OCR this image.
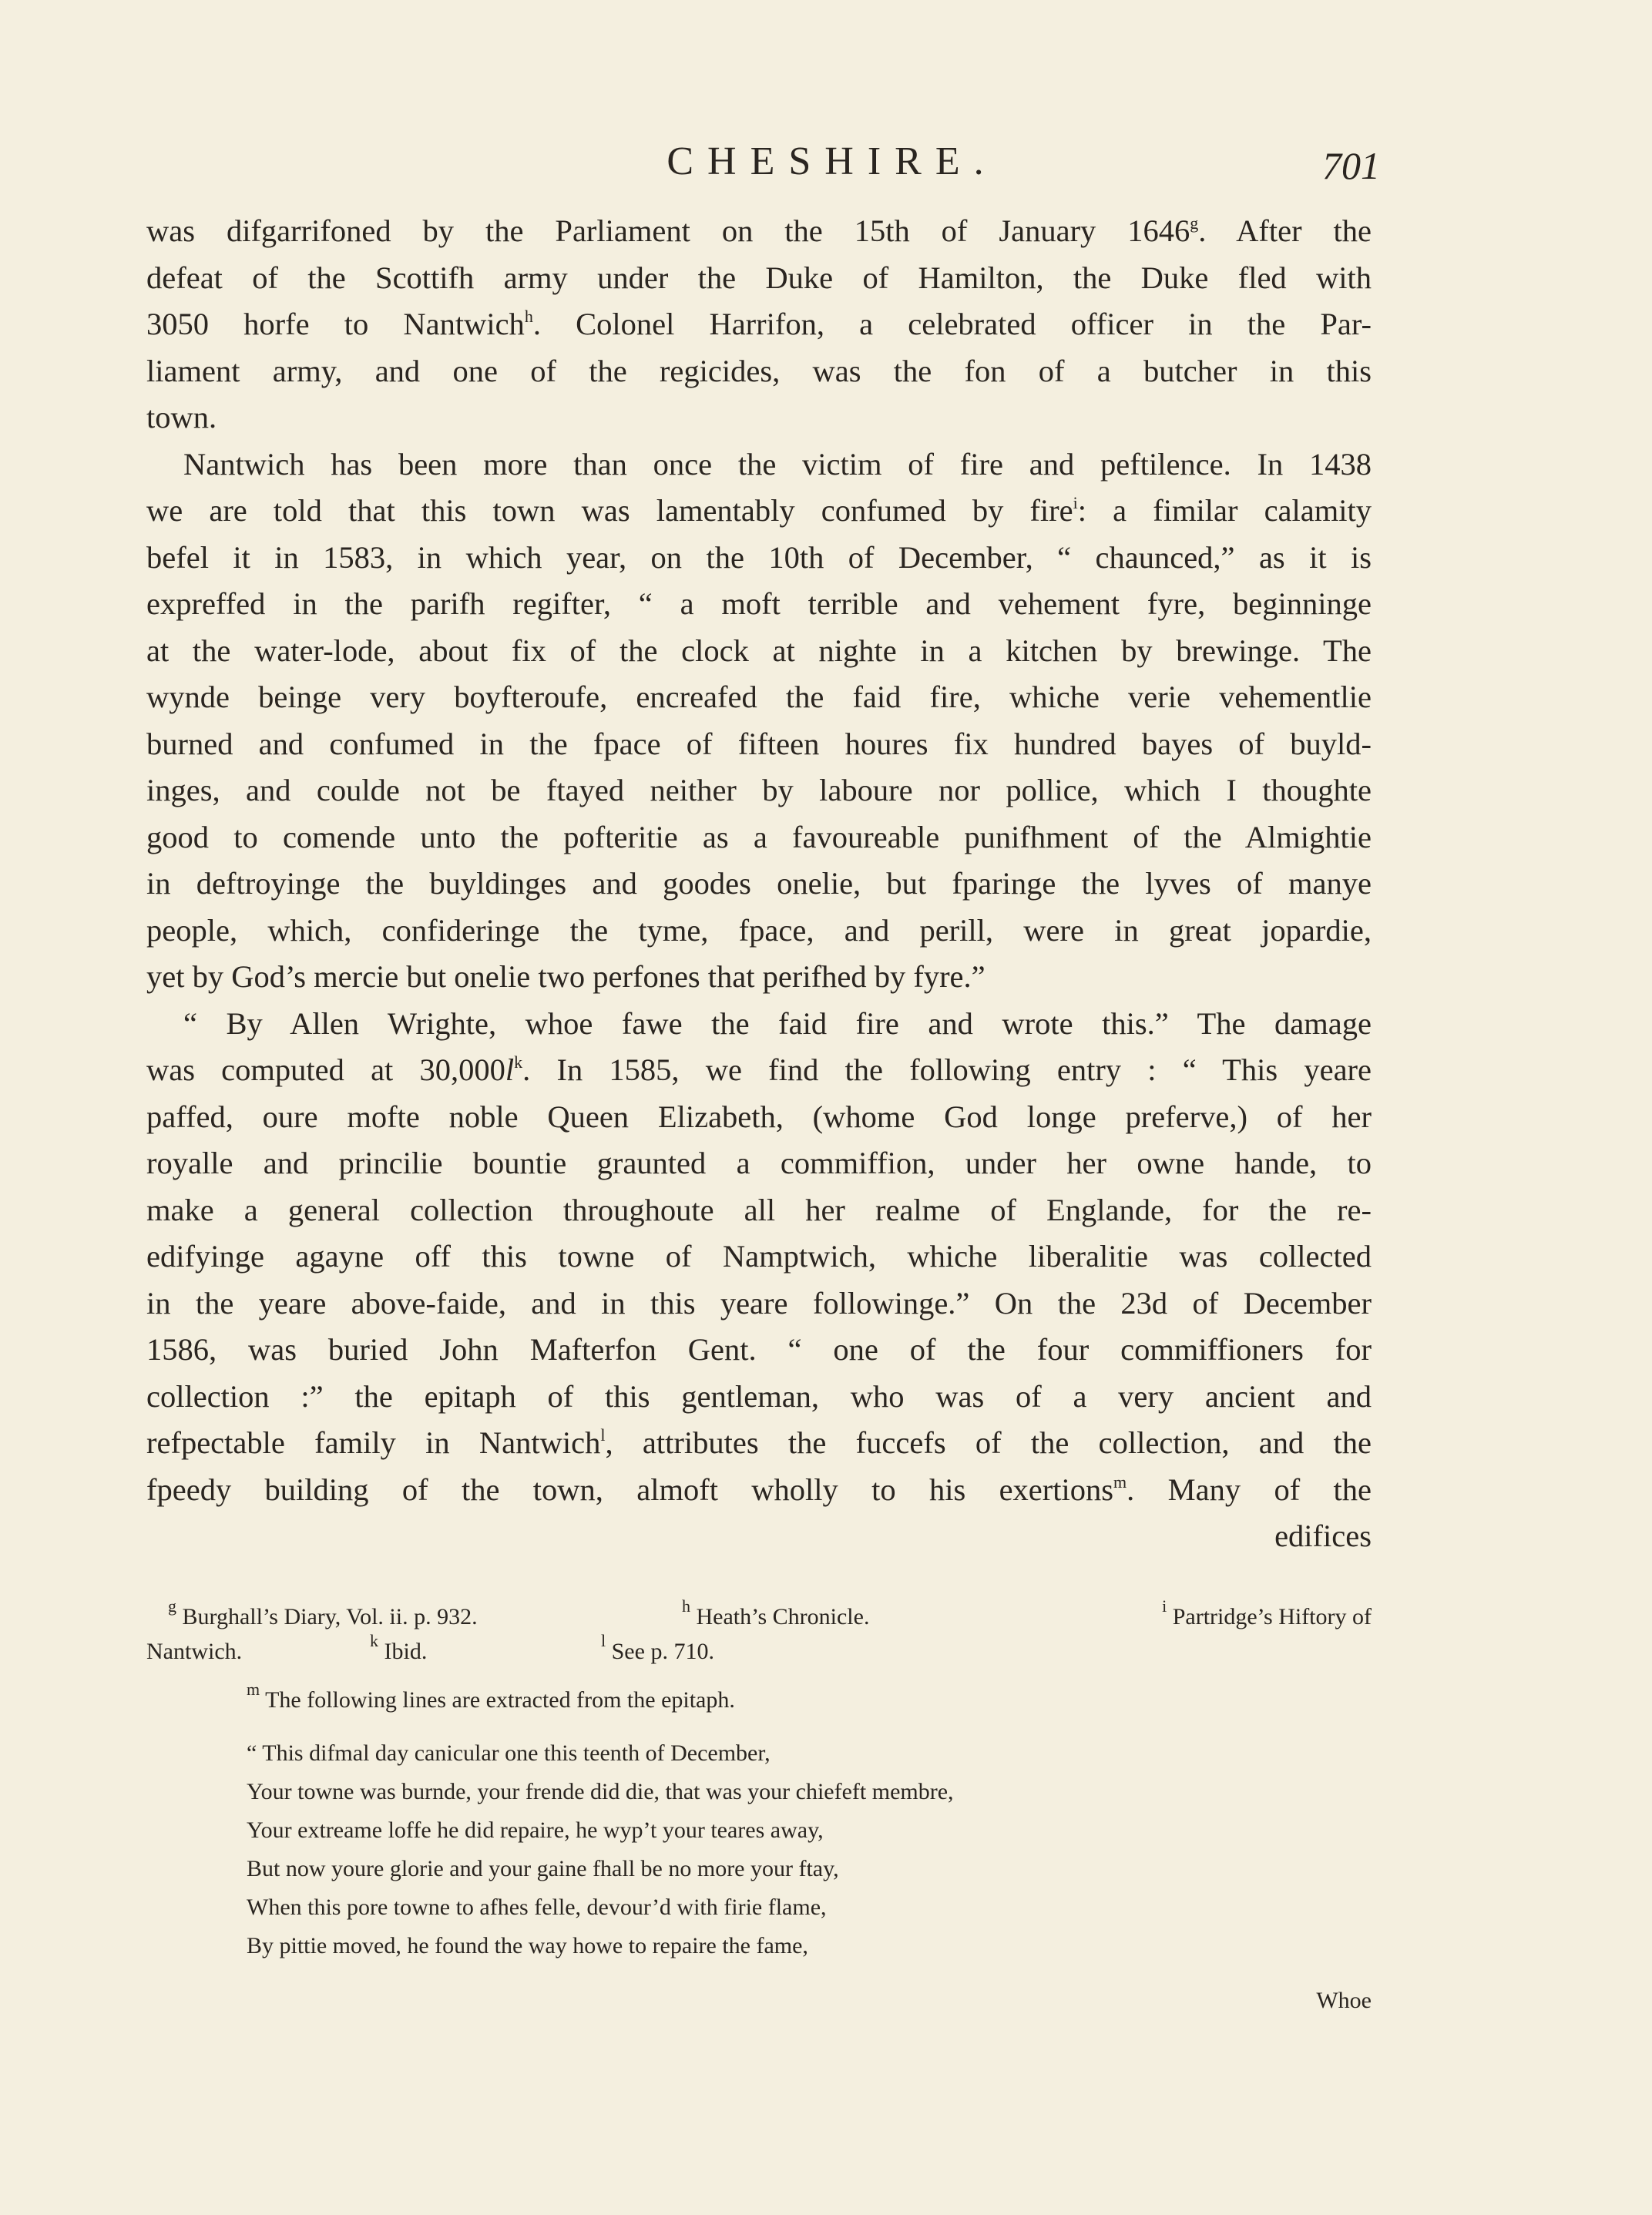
CHESHIRE.	701
was difgarrifoned by the Parliament on the 15th of January 1646$^g$. After the
defeat of the Scottifh army under the Duke of Hamilton, the Duke fled with
3050 horfe to Nantwich$^h$. Colonel Harrifon, a celebrated officer in the Par-
liament army, and one of the regicides, was the fon of a butcher in this
town.
Nantwich has been more than once the victim of fire and peftilence. In 1438
we are told that this town was lamentably confumed by fire$^i$: a fimilar calamity
befel it in 1583, in which year, on the 10th of December, “ chaunced,” as it is
expreffed in the parifh regifter, “ a moft terrible and vehement fyre, beginninge
at the water-lode, about fix of the clock at nighte in a kitchen by brewinge. The
wynde beinge very boyfteroufe, encreafed the faid fire, whiche verie vehementlie
burned and confumed in the fpace of fifteen houres fix hundred bayes of buyld-
inges, and coulde not be ftayed neither by laboure nor pollice, which I thoughte
good to comende unto the pofteritie as a favoureable punifhment of the Almightie
in deftroyinge the buyldinges and goodes onelie, but fparinge the lyves of manye
people, which, confideringe the tyme, fpace, and perill, were in great jopardie,
yet by God’s mercie but onelie two perfones that perifhed by fyre.”
“ By Allen Wrighte, whoe fawe the faid fire and wrote this.” The damage
was computed at $30,000l^k$. In 1585, we find the following entry : “ This yeare
paffed, oure mofte noble Queen Elizabeth, (whome God longe preferve,) of her
royalle and princilie bountie graunted a commiffion, under her owne hande, to
make a general collection throughoute all her realme of Englande, for the re-
edifyinge agayne off this towne of Namptwich, whiche liberalitie was collected
in the yeare above-faide, and in this yeare followinge.” On the 23d of December
1586, was buried John Mafterfon Gent. “ one of the four commiffioners for
collection :” the epitaph of this gentleman, who was of a very ancient and
refpectable family in Nantwich$^l$, attributes the fuccefs of the collection, and the
fpeedy building of the town, almoft wholly to his exertions$^m$. Many of the
edifices
$^g$ Burghall’s Diary, Vol. ii. p. 932.	$^h$ Heath’s Chronicle.	$^i$ Partridge’s Hiftory of
Nantwich.	$^k$ Ibid.	$^l$ See p. 710.
$^m$ The following lines are extracted from the epitaph.
“ This difmal day canicular one this teenth of December,
Your towne was burnde, your frende did die, that was your chiefeft membre,
Your extreame loffe he did repaire, he wyp’t your teares away,
But now youre glorie and your gaine fhall be no more your ftay,
When this pore towne to afhes felle, devour’d with firie flame,
By pittie moved, he found the way howe to repaire the fame,
Whoe
